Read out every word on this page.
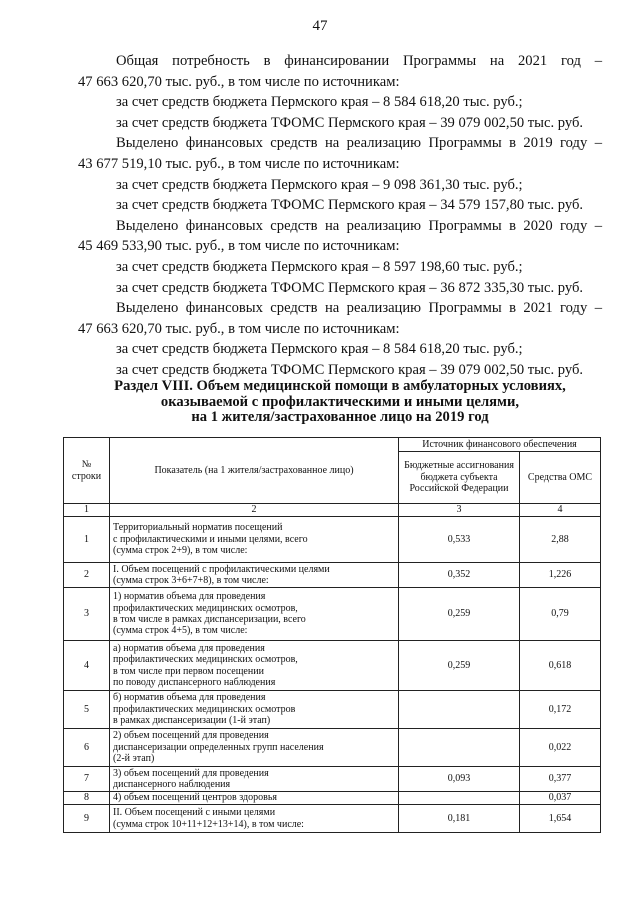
47

Общая потребность в финансировании Программы на 2021 год –

47 663 620,70 тыс. руб., в том числе по источникам:

за счет средств бюджета Пермского края – 8 584 618,20 тыс. руб.;

за счет средств бюджета ТФОМС Пермского края – 39 079 002,50 тыс. руб.

Выделено финансовых средств на реализацию Программы в 2019 году –

43 677 519,10 тыс. руб., в том числе по источникам:

за счет средств бюджета Пермского края – 9 098 361,30 тыс. руб.;

за счет средств бюджета ТФОМС Пермского края – 34 579 157,80 тыс. руб.

Выделено финансовых средств на реализацию Программы в 2020 году –

45 469 533,90 тыс. руб., в том числе по источникам:

за счет средств бюджета Пермского края – 8 597 198,60 тыс. руб.;

за счет средств бюджета ТФОМС Пермского края – 36 872 335,30 тыс. руб.

Выделено финансовых средств на реализацию Программы в 2021 году –

47 663 620,70 тыс. руб., в том числе по источникам:

за счет средств бюджета Пермского края – 8 584 618,20 тыс. руб.;

за счет средств бюджета ТФОМС Пермского края – 39 079 002,50 тыс. руб.

Раздел VIII. Объем медицинской помощи в амбулаторных условиях,
оказываемой с профилактическими и иными целями,
на 1 жителя/застрахованное лицо на 2019 год
№ строки	Показатель (на 1 жителя/застрахованное лицо)	Источник финансового обеспечения	
		Бюджетные ассигнования бюджета субъекта Российской Федерации	Средства ОМС
1	2	3	4
1	Территориальный норматив посещений
с профилактическими и иными целями, всего
(сумма строк 2+9), в том числе:	0,533	2,88
2	I. Объем посещений с профилактическими целями
(сумма строк 3+6+7+8), в том числе:	0,352	1,226
3	1) норматив объема для проведения
профилактических медицинских осмотров,
в том числе в рамках диспансеризации, всего
(сумма строк 4+5), в том числе:	0,259	0,79
4	а) норматив объема для проведения
профилактических медицинских осмотров,
в том числе при первом посещении
по поводу диспансерного наблюдения	0,259	0,618
5	б) норматив объема для проведения
профилактических медицинских осмотров
в рамках диспансеризации (1-й этап)		0,172
6	2) объем посещений для проведения
диспансеризации определенных групп населения
(2-й этап)		0,022
7	3) объем посещений для проведения
диспансерного наблюдения	0,093	0,377
8	4) объем посещений центров здоровья		0,037
9	II. Объем посещений с иными целями
(сумма строк 10+11+12+13+14), в том числе:	0,181	1,654
